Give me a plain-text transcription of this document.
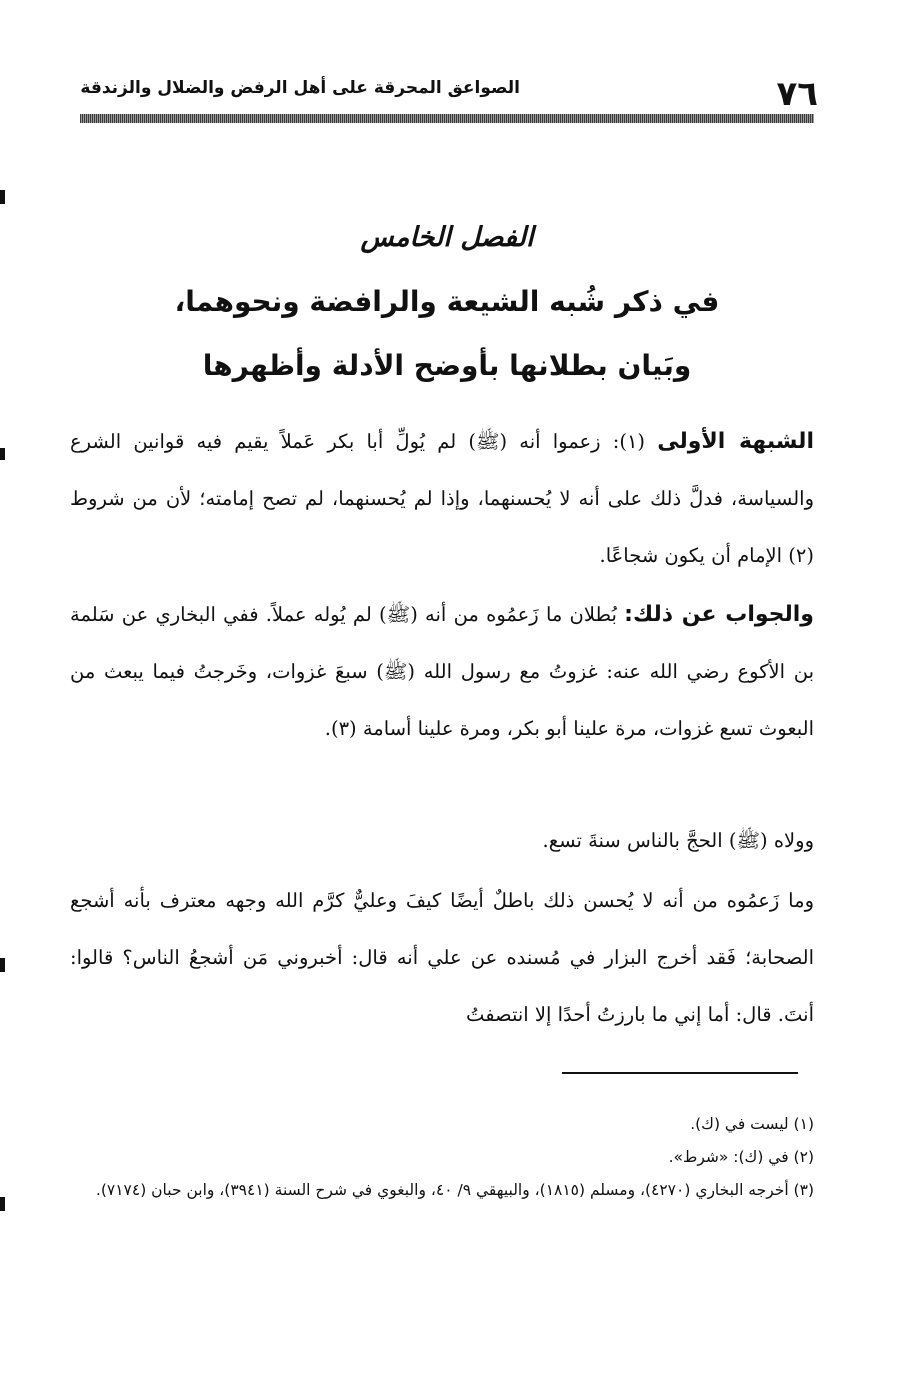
٧٦
الصواعق المحرقة على أهل الرفض والضلال والزندقة
الفصل الخامس
في ذكر شُبه الشيعة والرافضة ونحوهما،
وبَيان بطلانها بأوضح الأدلة وأظهرها
الشبهة الأولى (١): زعموا أنه (ﷺ) لم يُولِّ أبا بكر عَملاً يقيم فيه قوانين الشرع والسياسة، فدلَّ ذلك على أنه لا يُحسنهما، وإذا لم يُحسنهما، لم تصح إمامته؛ لأن من شروط (٢) الإمام أن يكون شجاعًا.
والجواب عن ذلك: بُطلان ما زَعمُوه من أنه (ﷺ) لم يُوله عملاً. ففي البخاري عن سَلمة بن الأكوع رضي الله عنه: غزوتُ مع رسول الله (ﷺ) سبعَ غزوات، وخَرجتُ فيما يبعث من البعوث تسع غزوات، مرة علينا أبو بكر، ومرة علينا أسامة (٣).
وولاه (ﷺ) الحجَّ بالناس سنةَ تسع.
وما زَعمُوه من أنه لا يُحسن ذلك باطلٌ أيضًا كيفَ وعليٌّ كرَّم الله وجهه معترف بأنه أشجع الصحابة؛ فَقد أخرج البزار في مُسنده عن علي أنه قال: أخبروني مَن أشجعُ الناس؟ قالوا: أنتَ. قال: أما إني ما بارزتُ أحدًا إلا انتصفتُ
(١) ليست في (ك).
(٢) في (ك): «شرط».
(٣) أخرجه البخاري (٤٢٧٠)، ومسلم (١٨١٥)، والبيهقي ٩/ ٤٠، والبغوي في شرح السنة (٣٩٤١)، وابن حبان (٧١٧٤).
